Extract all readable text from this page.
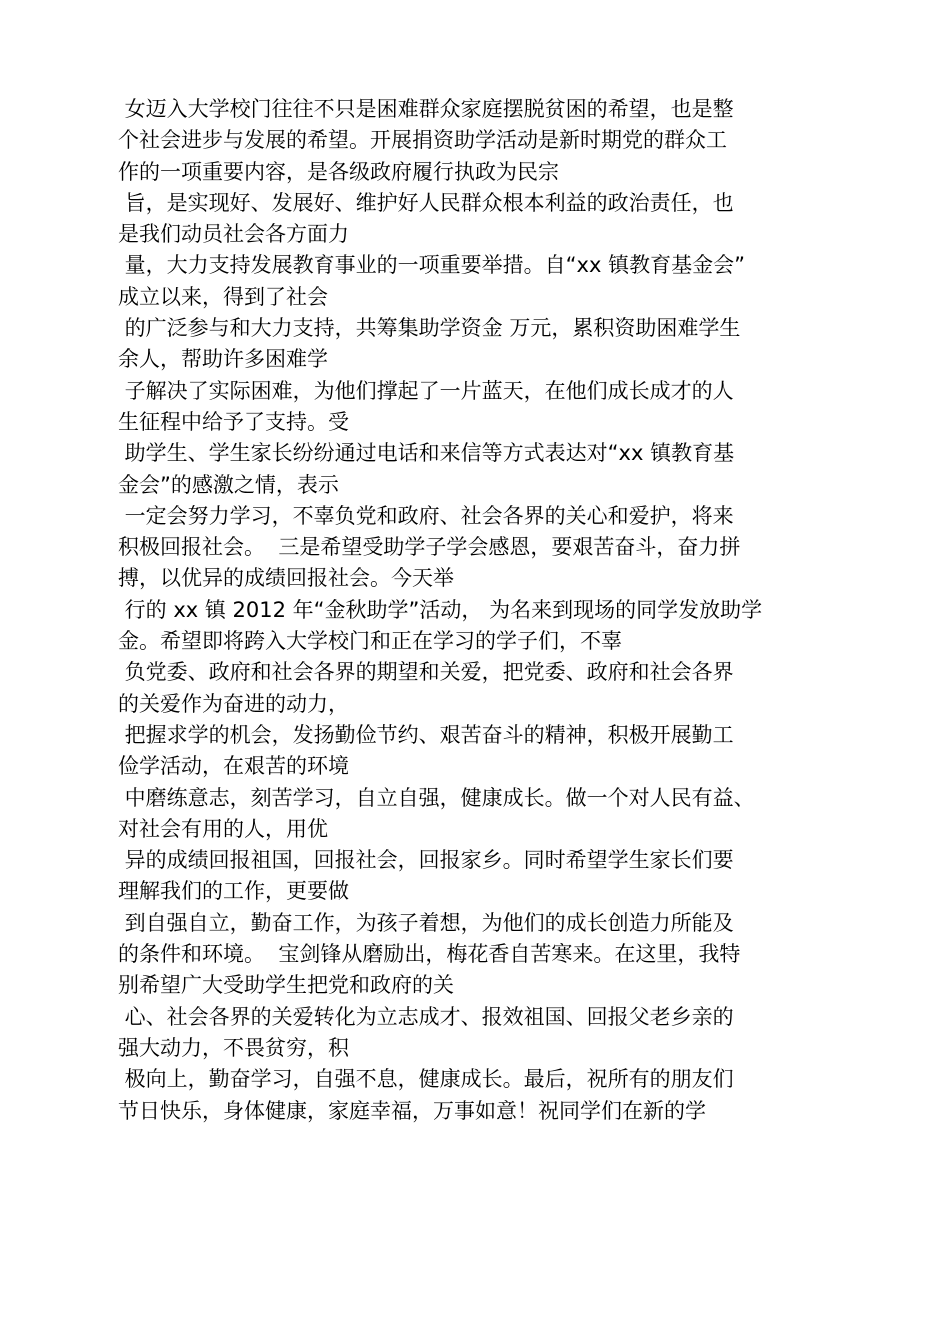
女迈入大学校门往往不只是困难群众家庭摆脱贫困的希望，也是整
个社会进步与发展的希望。开展捐资助学活动是新时期党的群众工
作的一项重要内容，是各级政府履行执政为民宗
旨，是实现好、发展好、维护好人民群众根本利益的政治责任，也
是我们动员社会各方面力
量，大力支持发展教育事业的一项重要举措。自“xx 镇教育基金会”
成立以来，得到了社会
的广泛参与和大力支持，共筹集助学资金 万元，累积资助困难学生
余人，帮助许多困难学
子解决了实际困难，为他们撑起了一片蓝天，在他们成长成才的人
生征程中给予了支持。受
助学生、学生家长纷纷通过电话和来信等方式表达对“xx 镇教育基
金会”的感激之情，表示
一定会努力学习，不辜负党和政府、社会各界的关心和爱护，将来
积极回报社会。  三是希望受助学子学会感恩，要艰苦奋斗，奋力拼
搏，以优异的成绩回报社会。今天举
行的 xx 镇 2012 年“金秋助学”活动， 为名来到现场的同学发放助学
金。希望即将跨入大学校门和正在学习的学子们，不辜
负党委、政府和社会各界的期望和关爱，把党委、政府和社会各界
的关爱作为奋进的动力，
把握求学的机会，发扬勤俭节约、艰苦奋斗的精神，积极开展勤工
俭学活动，在艰苦的环境
中磨练意志，刻苦学习，自立自强，健康成长。做一个对人民有益、
对社会有用的人，用优
异的成绩回报祖国，回报社会，回报家乡。同时希望学生家长们要
理解我们的工作，更要做
到自强自立，勤奋工作，为孩子着想，为他们的成长创造力所能及
的条件和环境。  宝剑锋从磨励出，梅花香自苦寒来。在这里，我特
别希望广大受助学生把党和政府的关
心、社会各界的关爱转化为立志成才、报效祖国、回报父老乡亲的
强大动力，不畏贫穷，积
极向上，勤奋学习，自强不息，健康成长。最后，祝所有的朋友们
节日快乐，身体健康，家庭幸福，万事如意！祝同学们在新的学
